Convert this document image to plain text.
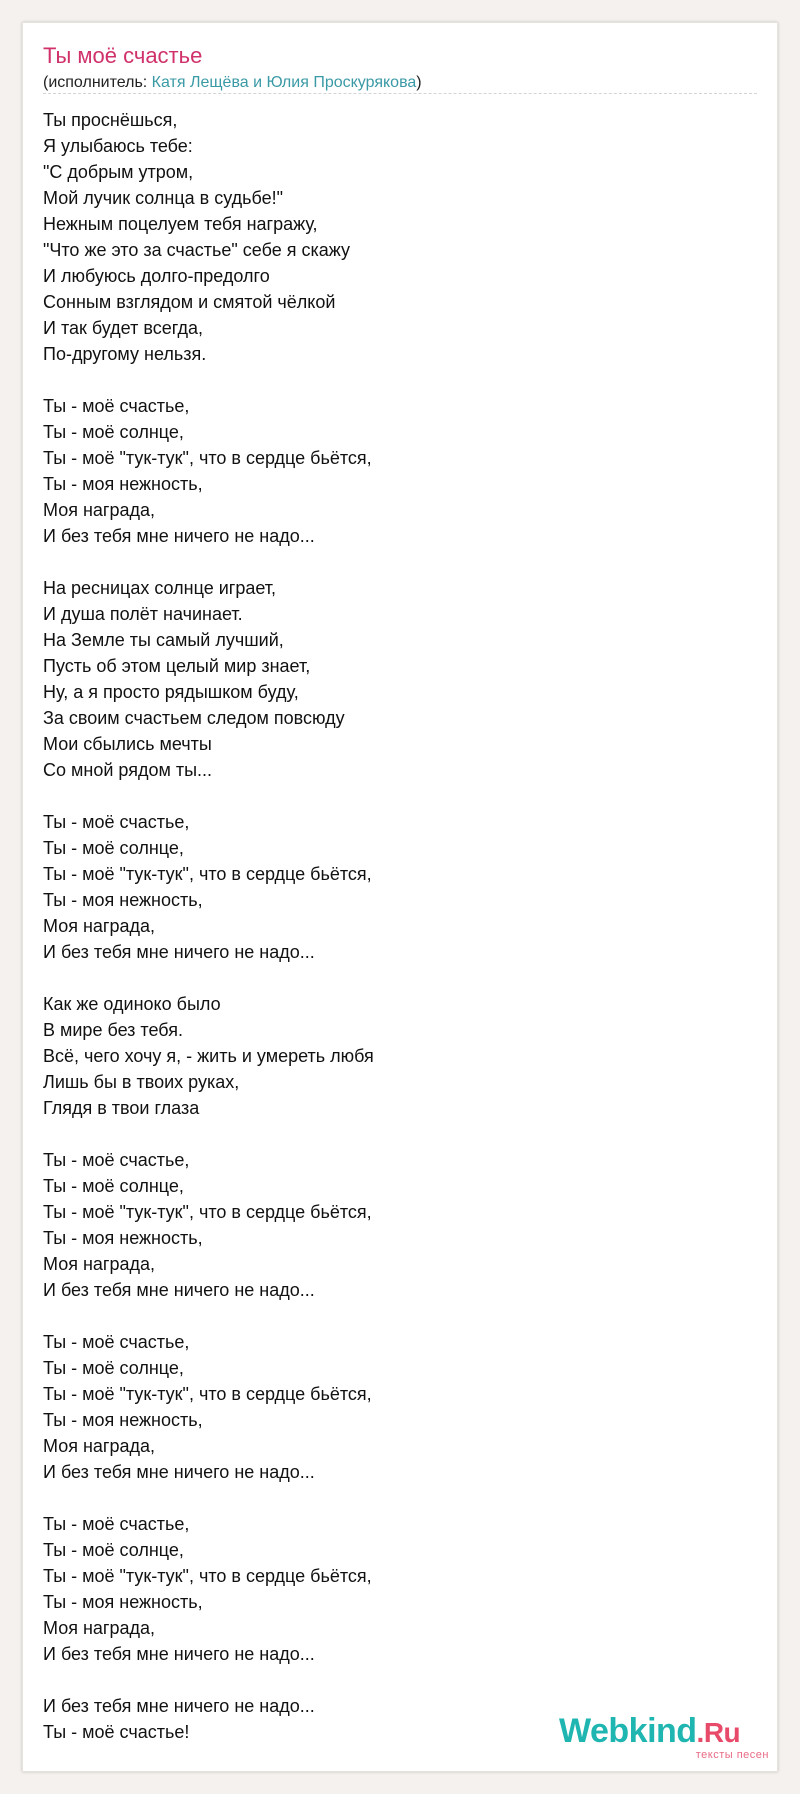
Ты моё счастье
(исполнитель: Катя Лещёва и Юлия Проскурякова)
Ты проснёшься,
Я улыбаюсь тебе:
"С добрым утром,
Мой лучик солнца в судьбе!"
Нежным поцелуем тебя награжу,
"Что же это за счастье" себе я скажу
И любуюсь долго-предолго
Сонным взглядом и смятой чёлкой
И так будет всегда,
По-другому нельзя.
Ты - моё счастье,
Ты - моё солнце,
Ты - моё "тук-тук", что в сердце бьётся,
Ты - моя нежность,
Моя награда,
И без тебя мне ничего не надо...
На ресницах солнце играет,
И душа полёт начинает.
На Земле ты самый лучший,
Пусть об этом целый мир знает,
Ну, а я просто рядышком буду,
За своим счастьем следом повсюду
Мои сбылись мечты
Со мной рядом ты...
Ты - моё счастье,
Ты - моё солнце,
Ты - моё "тук-тук", что в сердце бьётся,
Ты - моя нежность,
Моя награда,
И без тебя мне ничего не надо...
Как же одиноко было
В мире без тебя.
Всё, чего хочу я, - жить и умереть любя
Лишь бы в твоих руках,
Глядя в твои глаза
Ты - моё счастье,
Ты - моё солнце,
Ты - моё "тук-тук", что в сердце бьётся,
Ты - моя нежность,
Моя награда,
И без тебя мне ничего не надо...
Ты - моё счастье,
Ты - моё солнце,
Ты - моё "тук-тук", что в сердце бьётся,
Ты - моя нежность,
Моя награда,
И без тебя мне ничего не надо...
Ты - моё счастье,
Ты - моё солнце,
Ты - моё "тук-тук", что в сердце бьётся,
Ты - моя нежность,
Моя награда,
И без тебя мне ничего не надо...
И без тебя мне ничего не надо...
Ты - моё счастье!	Webkind.Ru
тексты песен
